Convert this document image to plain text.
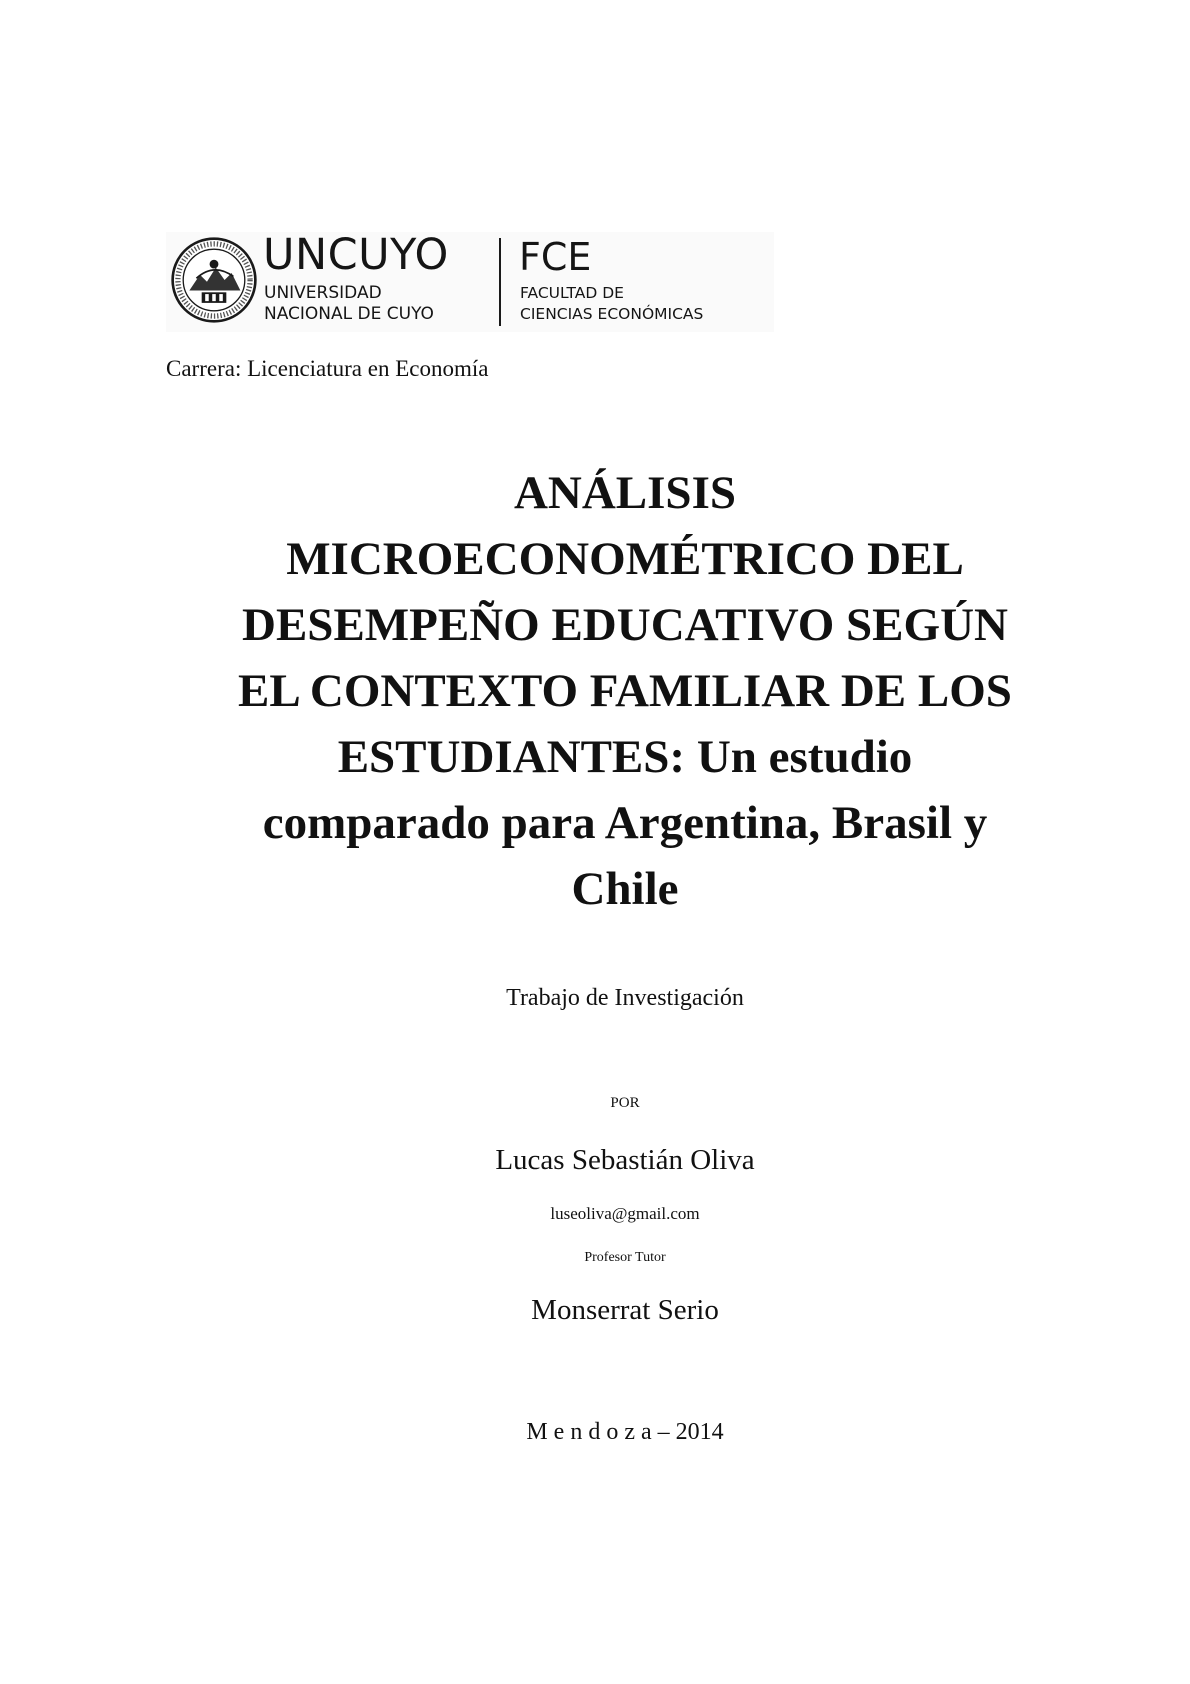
UNCUYO
UNIVERSIDAD
NACIONAL DE CUYO
FCE
FACULTAD DE
CIENCIAS ECONÓMICAS
Carrera: Licenciatura en Economía
ANÁLISIS
MICROECONOMÉTRICO DEL
DESEMPEÑO EDUCATIVO SEGÚN
EL CONTEXTO FAMILIAR DE LOS
ESTUDIANTES: Un estudio
comparado para Argentina, Brasil y
Chile
Trabajo de Investigación
POR
Lucas Sebastián Oliva
luseoliva@gmail.com
Profesor Tutor
Monserrat Serio
M e n d o z a – 2014
